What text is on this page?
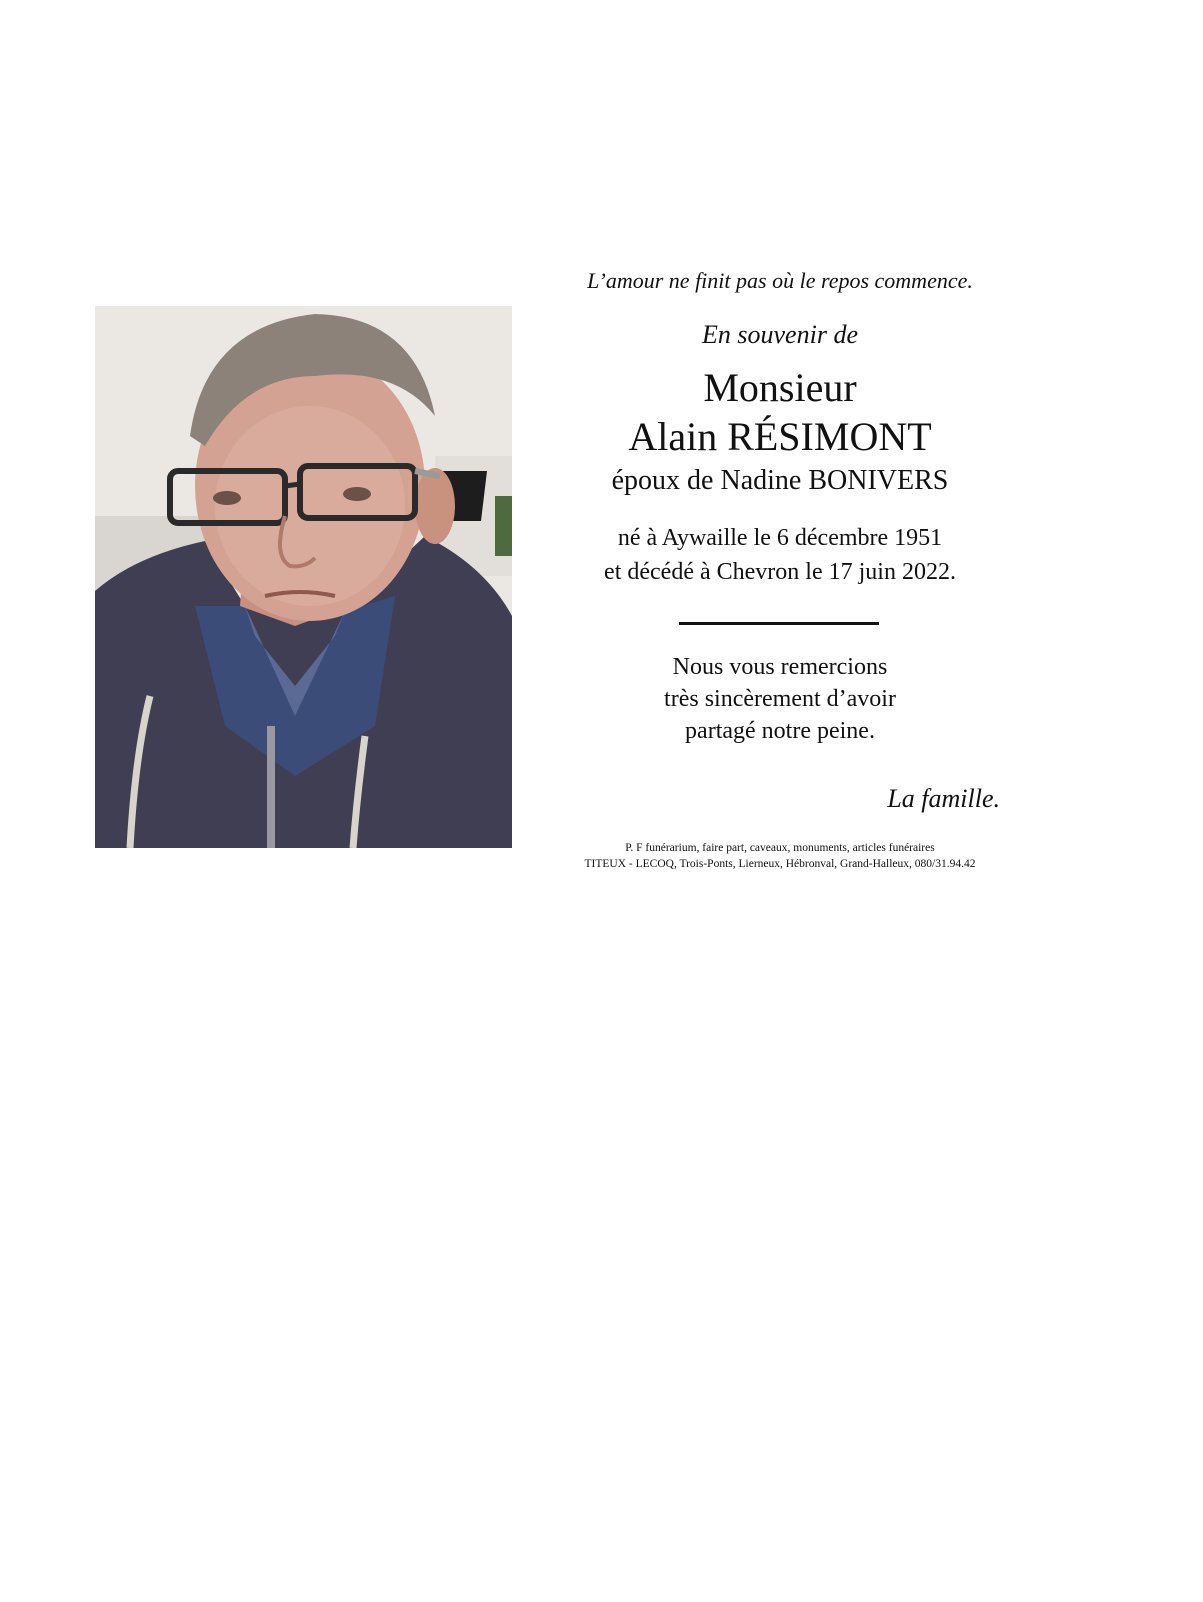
L’amour ne finit pas où le repos commence.
En souvenir de
Monsieur
Alain RÉSIMONT
époux de Nadine BONIVERS
né à Aywaille le 6 décembre 1951
et décédé à Chevron le 17 juin 2022.
Nous vous remercions
très sincèrement d’avoir
partagé notre peine.
La famille.
P. F funérarium, faire part, caveaux, monuments, articles funéraires
TITEUX - LECOQ, Trois-Ponts, Lierneux, Hébronval, Grand-Halleux, 080/31.94.42
